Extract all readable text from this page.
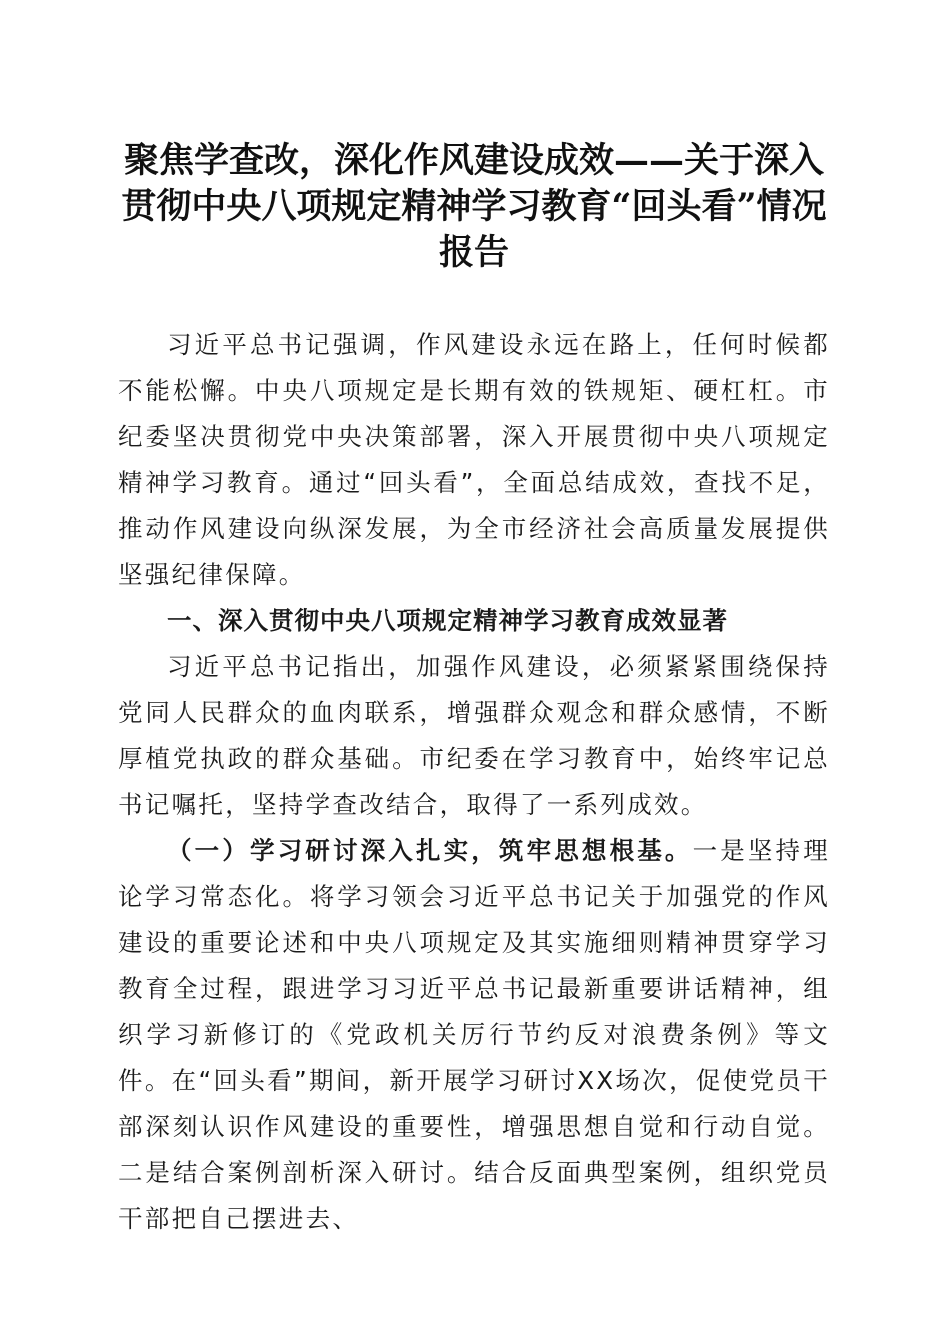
聚焦学查改，深化作风建设成效——关于深入贯彻中央八项规定精神学习教育“回头看”情况报告

习近平总书记强调，作风建设永远在路上，任何时候都不能松懈。中央八项规定是长期有效的铁规矩、硬杠杠。市纪委坚决贯彻党中央决策部署，深入开展贯彻中央八项规定精神学习教育。通过“回头看”，全面总结成效，查找不足，推动作风建设向纵深发展，为全市经济社会高质量发展提供坚强纪律保障。

一、深入贯彻中央八项规定精神学习教育成效显著

习近平总书记指出，加强作风建设，必须紧紧围绕保持党同人民群众的血肉联系，增强群众观念和群众感情，不断厚植党执政的群众基础。市纪委在学习教育中，始终牢记总书记嘱托，坚持学查改结合，取得了一系列成效。

（一）学习研讨深入扎实，筑牢思想根基。一是坚持理论学习常态化。将学习领会习近平总书记关于加强党的作风建设的重要论述和中央八项规定及其实施细则精神贯穿学习教育全过程，跟进学习习近平总书记最新重要讲话精神，组织学习新修订的《党政机关厉行节约反对浪费条例》等文件。在“回头看”期间，新开展学习研讨XX场次，促使党员干部深刻认识作风建设的重要性，增强思想自觉和行动自觉。二是结合案例剖析深入研讨。结合反面典型案例，组织党员干部把自己摆进去、
